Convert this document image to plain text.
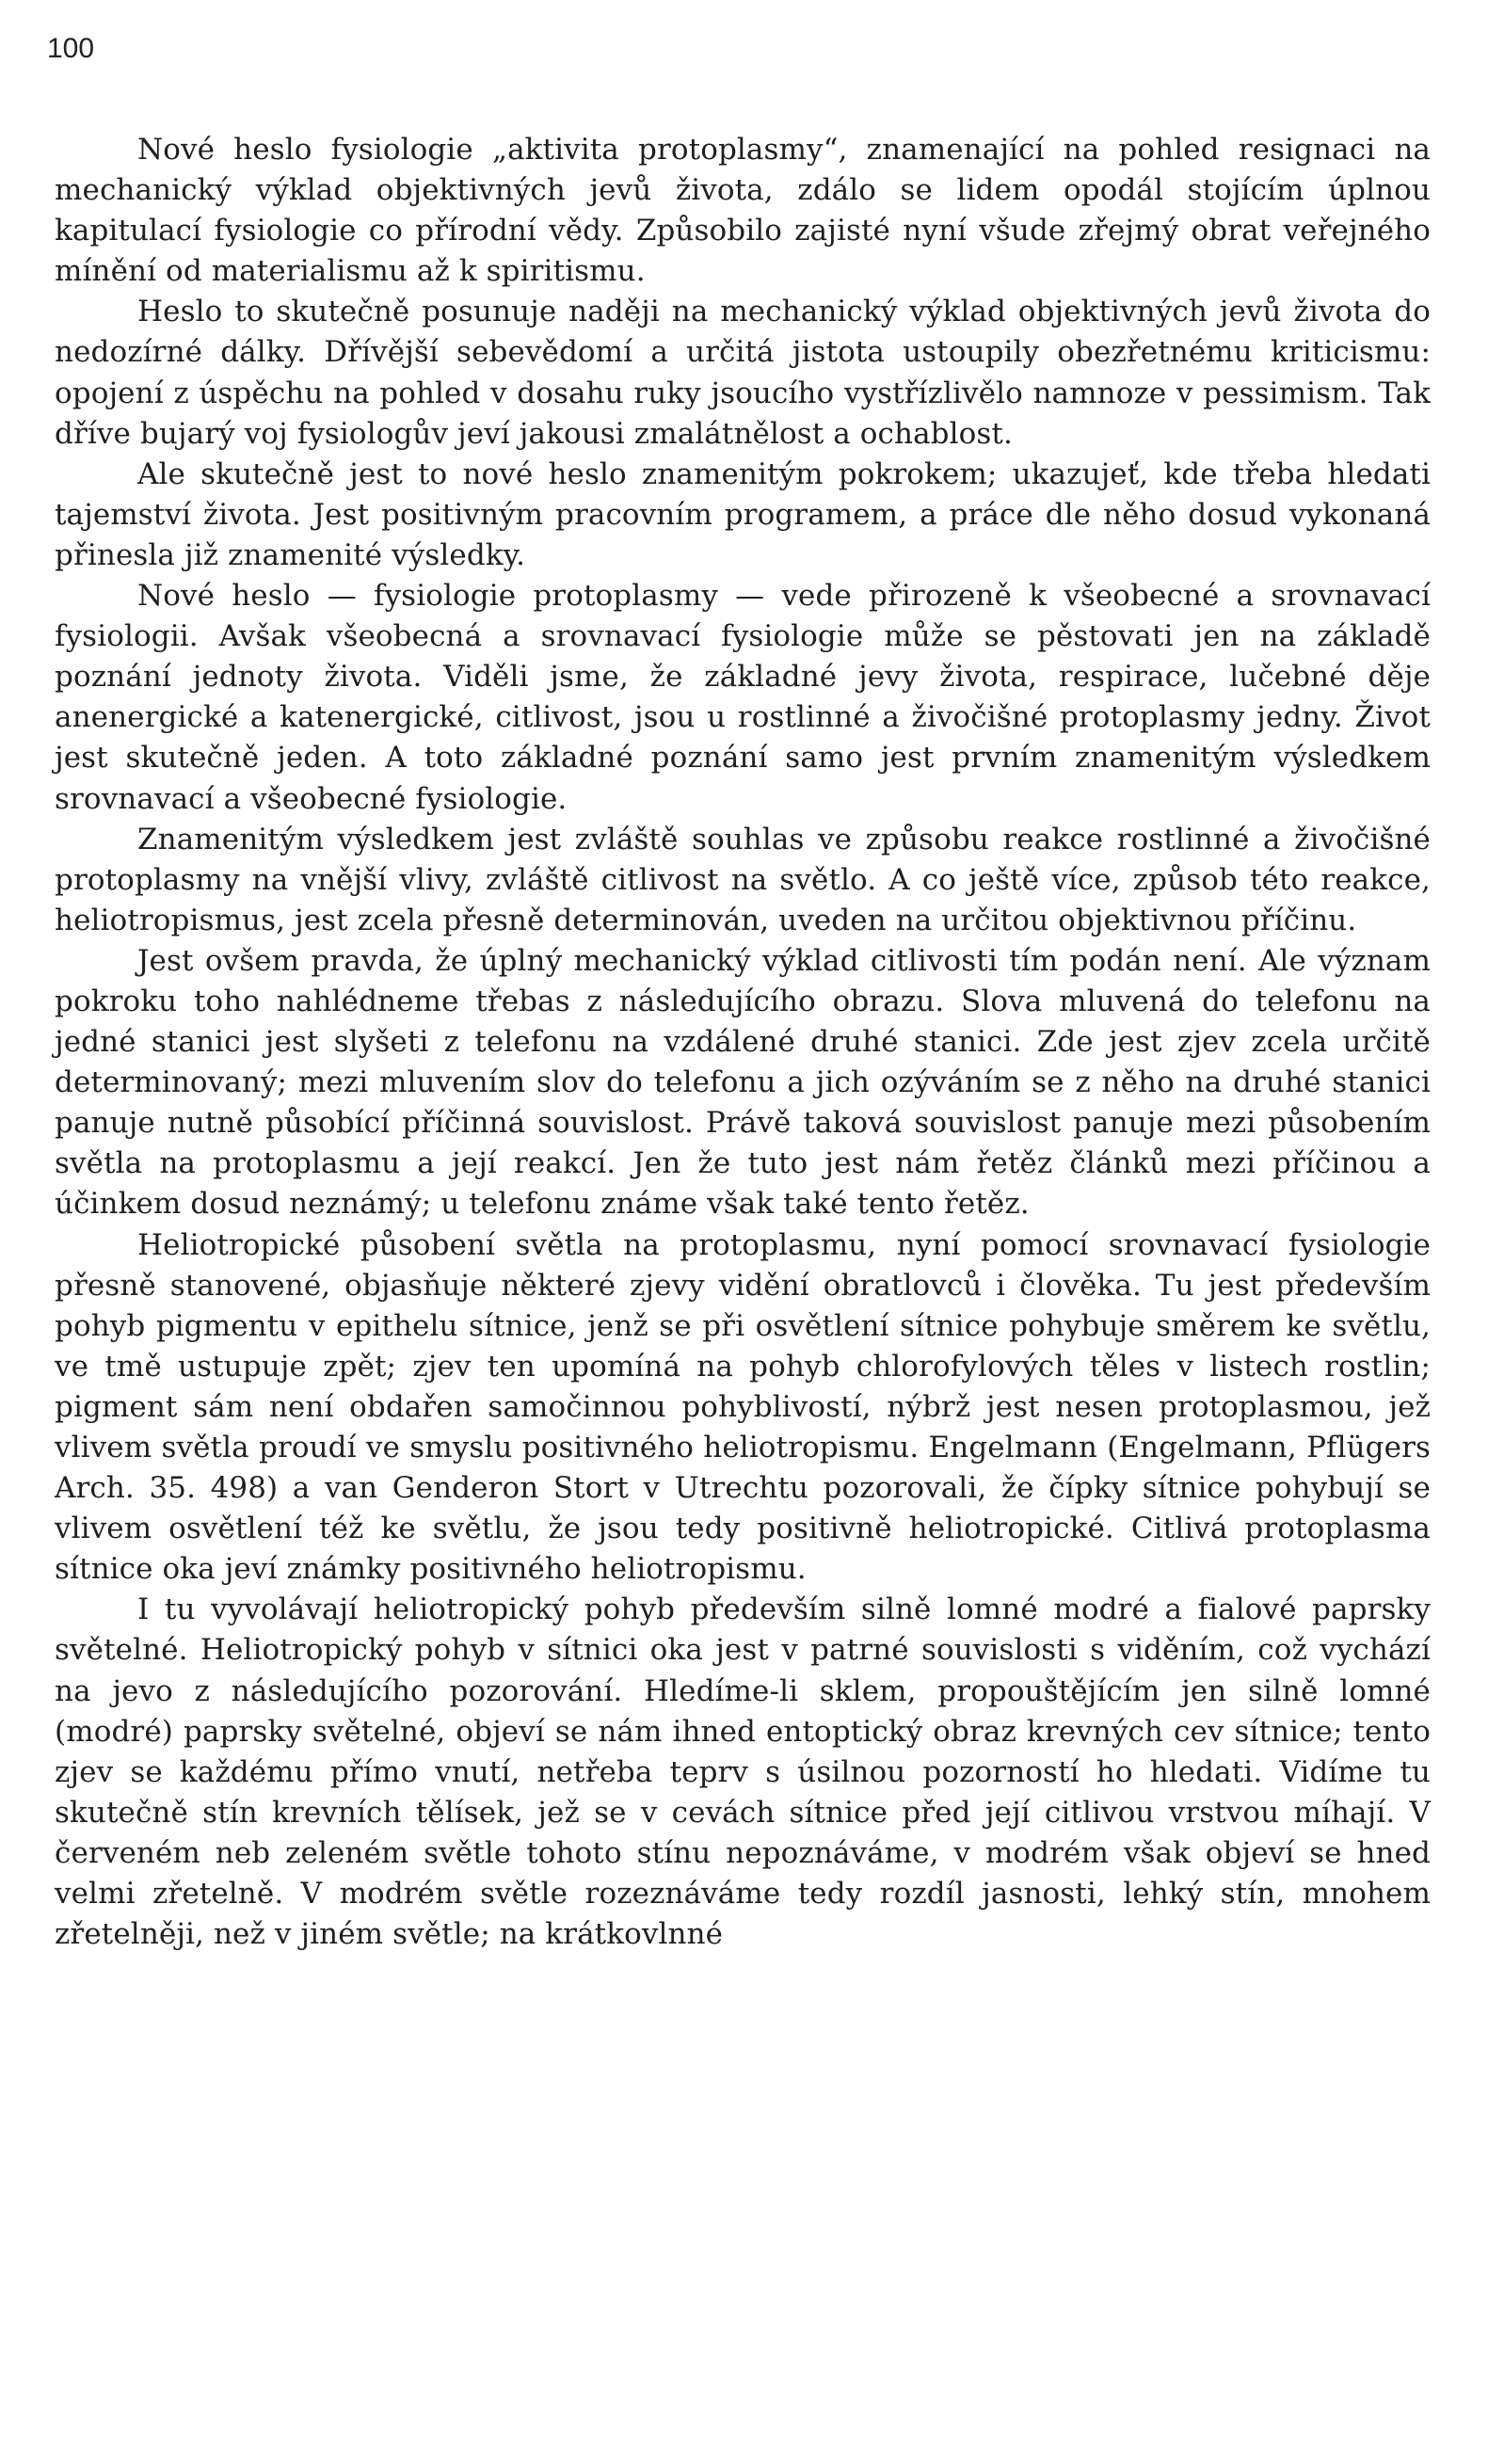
100

Nové heslo fysiologie „aktivita protoplasmy“, znamenající na pohled resignaci na mechanický výklad objektivných jevů života, zdálo se lidem opodál stojícím úplnou kapitulací fysiologie co přírodní vědy. Způsobilo zajisté nyní všude zřejmý obrat veřejného mínění od materialismu až k spiritismu.

Heslo to skutečně posunuje naději na mechanický výklad objektivných jevů života do nedozírné dálky. Dřívější sebevědomí a určitá jistota ustoupily obezřetnému kriticismu: opojení z úspěchu na pohled v dosahu ruky jsoucího vystřízlivělo namnoze v pessimism. Tak dříve bujarý voj fysiologův jeví jakousi zmalátnělost a ochablost.

Ale skutečně jest to nové heslo znamenitým pokrokem; ukazujeť, kde třeba hledati tajemství života. Jest positivným pracovním programem, a práce dle něho dosud vykonaná přinesla již znamenité výsledky.

Nové heslo — fysiologie protoplasmy — vede přirozeně k všeobecné a srovnavací fysiologii. Avšak všeobecná a srovnavací fysiologie může se pěstovati jen na základě poznání jednoty života. Viděli jsme, že základné jevy života, respirace, lučebné děje anenergické a katenergické, citlivost, jsou u rostlinné a živočišné protoplasmy jedny. Život jest skutečně jeden. A toto základné poznání samo jest prvním znamenitým výsledkem srovnavací a všeobecné fysiologie.

Znamenitým výsledkem jest zvláště souhlas ve způsobu reakce rostlinné a živočišné protoplasmy na vnější vlivy, zvláště citlivost na světlo. A co ještě více, způsob této reakce, heliotropismus, jest zcela přesně determinován, uveden na určitou objektivnou příčinu.

Jest ovšem pravda, že úplný mechanický výklad citlivosti tím podán není. Ale význam pokroku toho nahlédneme třebas z následujícího obrazu. Slova mluvená do telefonu na jedné stanici jest slyšeti z telefonu na vzdálené druhé stanici. Zde jest zjev zcela určitě determinovaný; mezi mluvením slov do telefonu a jich ozýváním se z něho na druhé stanici panuje nutně působící příčinná souvislost. Právě taková souvislost panuje mezi působením světla na protoplasmu a její reakcí. Jen že tuto jest nám řetěz článků mezi příčinou a účinkem dosud neznámý; u telefonu známe však také tento řetěz.

Heliotropické působení světla na protoplasmu, nyní pomocí srovnavací fysiologie přesně stanovené, objasňuje některé zjevy vidění obratlovců i člověka. Tu jest především pohyb pigmentu v epithelu sítnice, jenž se při osvětlení sítnice pohybuje směrem ke světlu, ve tmě ustupuje zpět; zjev ten upomíná na pohyb chlorofylových těles v listech rostlin; pigment sám není obdařen samočinnou pohyblivostí, nýbrž jest nesen protoplasmou, jež vlivem světla proudí ve smyslu positivného heliotropismu. Engelmann (Engelmann, Pflügers Arch. 35. 498) a van Genderon Stort v Utrechtu pozorovali, že čípky sítnice pohybují se vlivem osvětlení též ke světlu, že jsou tedy positivně heliotropické. Citlivá protoplasma sítnice oka jeví známky positivného heliotropismu.

I tu vyvolávají heliotropický pohyb především silně lomné modré a fialové paprsky světelné. Heliotropický pohyb v sítnici oka jest v patrné souvislosti s viděním, což vychází na jevo z následujícího pozorování. Hledíme-li sklem, propouštějícím jen silně lomné (modré) paprsky světelné, objeví se nám ihned entoptický obraz krevných cev sítnice; tento zjev se každému přímo vnutí, netřeba teprv s úsilnou pozorností ho hledati. Vidíme tu skutečně stín krevních tělísek, jež se v cevách sítnice před její citlivou vrstvou míhají. V červeném neb zeleném světle tohoto stínu nepoznáváme, v modrém však objeví se hned velmi zřetelně. V modrém světle rozeznáváme tedy rozdíl jasnosti, lehký stín, mnohem zřetelněji, než v jiném světle; na krátkovlnné
